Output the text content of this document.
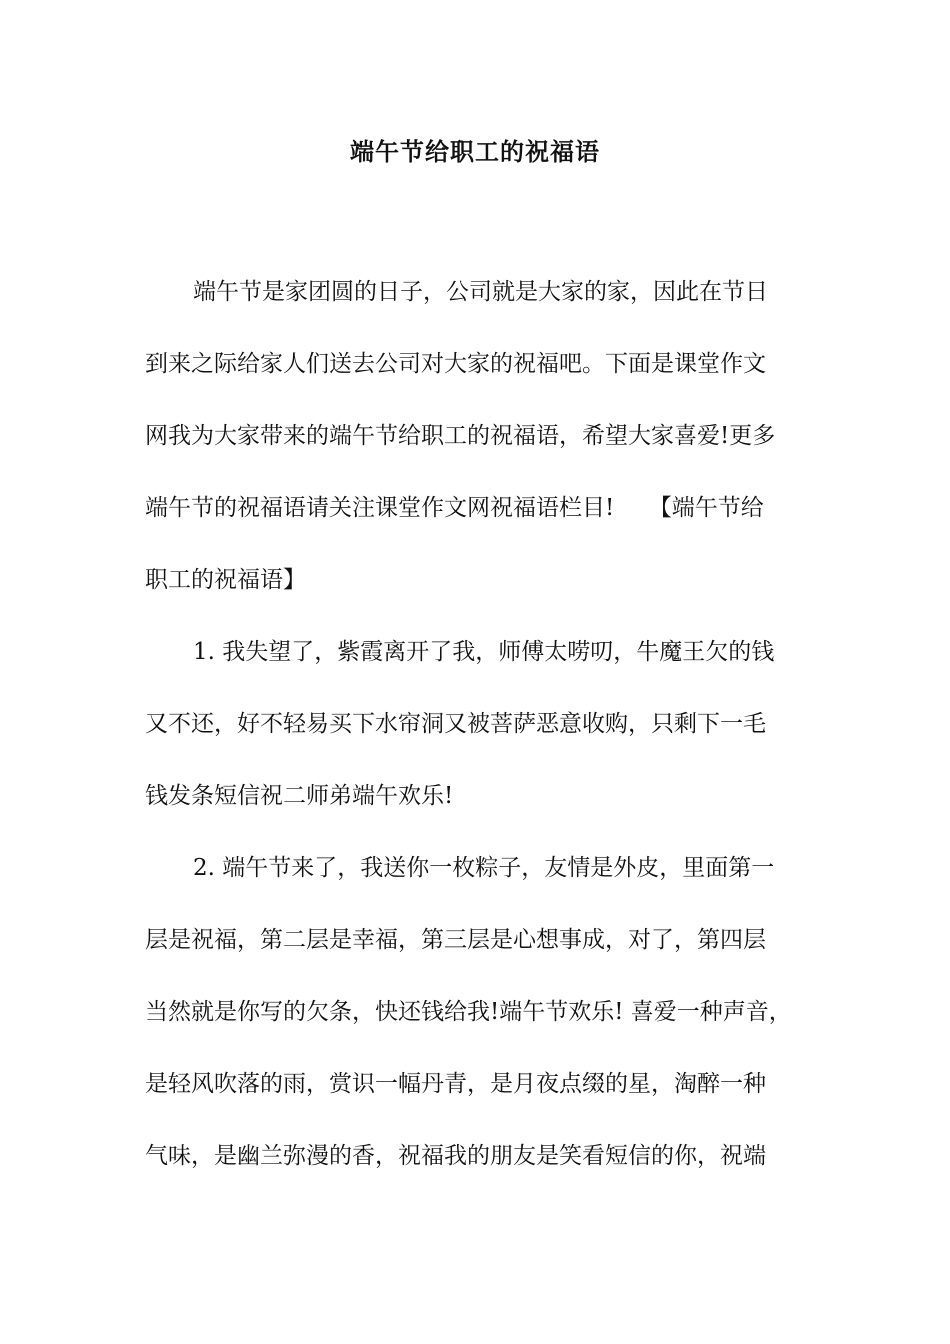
端午节给职工的祝福语
端午节是家团圆的日子，公司就是大家的家，因此在节日
到来之际给家人们送去公司对大家的祝福吧。下面是课堂作文
网我为大家带来的端午节给职工的祝福语，希望大家喜爱!更多
端午节的祝福语请关注课堂作文网祝福语栏目!　　【端午节给
职工的祝福语】
1. 我失望了，紫霞离开了我，师傅太唠叨，牛魔王欠的钱
又不还，好不轻易买下水帘洞又被菩萨恶意收购，只剩下一毛
钱发条短信祝二师弟端午欢乐!
2. 端午节来了，我送你一枚粽子，友情是外皮，里面第一
层是祝福，第二层是幸福，第三层是心想事成，对了，第四层
当然就是你写的欠条，快还钱给我!端午节欢乐! 喜爱一种声音，
是轻风吹落的雨，赏识一幅丹青，是月夜点缀的星，淘醉一种
气味，是幽兰弥漫的香，祝福我的朋友是笑看短信的你，祝端
